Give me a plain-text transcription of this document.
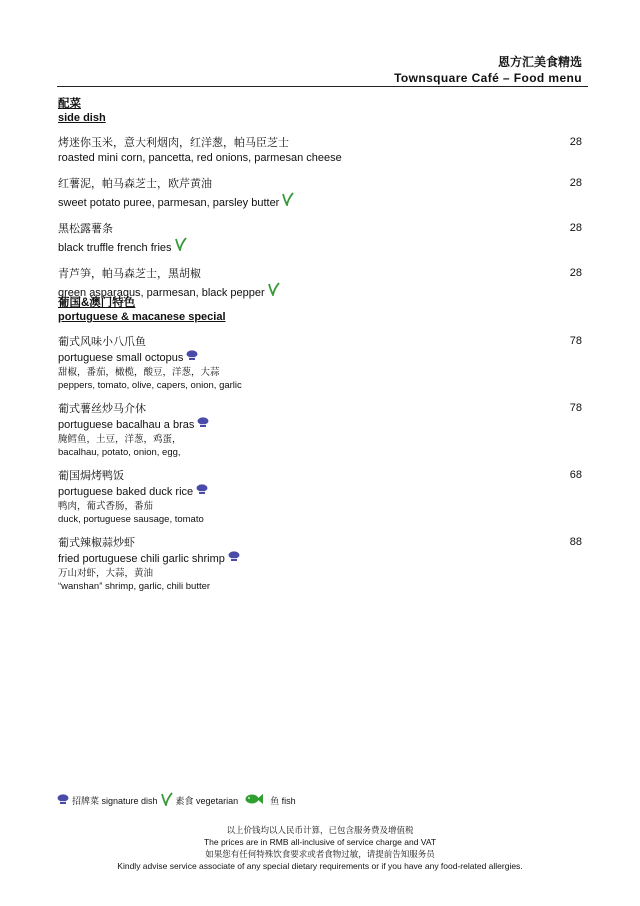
恩方汇美食精选
Townsquare Café – Food menu
配菜
side dish
烤迷你玉米，意大利烟肉，红洋葱，帕马臣芝士
roasted mini corn, pancetta, red onions, parmesan cheese
28
红薯泥，帕马森芝士，欧芹黄油
sweet potato puree, parmesan, parsley butter
28
黑松露薯条
black truffle french fries
28
青芦笋，帕马森芝士，黑胡椒
green asparagus, parmesan, black pepper
28
葡国&澳门特色
portuguese & macanese special
葡式风味小八爪鱼
portuguese small octopus
甜椒，番茄，橄榄，酸豆，洋葱，大蒜
peppers, tomato, olive, capers, onion, garlic
78
葡式薯丝炒马介休
portuguese bacalhau a bras
腌鳕鱼，土豆，洋葱，鸡蛋，
bacalhau, potato, onion, egg,
78
葡国焗烤鸭饭
portuguese baked duck rice
鸭肉，葡式香肠，番茄
duck, portuguese sausage, tomato
68
葡式辣椒蒜炒虾
fried portuguese chili garlic shrimp
万山对虾，大蒜，黄油
“wanshan” shrimp, garlic, chili butter
88
招牌菜 signature dish 素食 vegetarian	鱼 fish
以上价钱均以人民币计算，已包含服务费及增值税
The prices are in RMB all-inclusive of service charge and VAT
如果您有任何特殊饮食要求或者食物过敏，请提前告知服务员
Kindly advise service associate of any special dietary requirements or if you have any food-related allergies.
